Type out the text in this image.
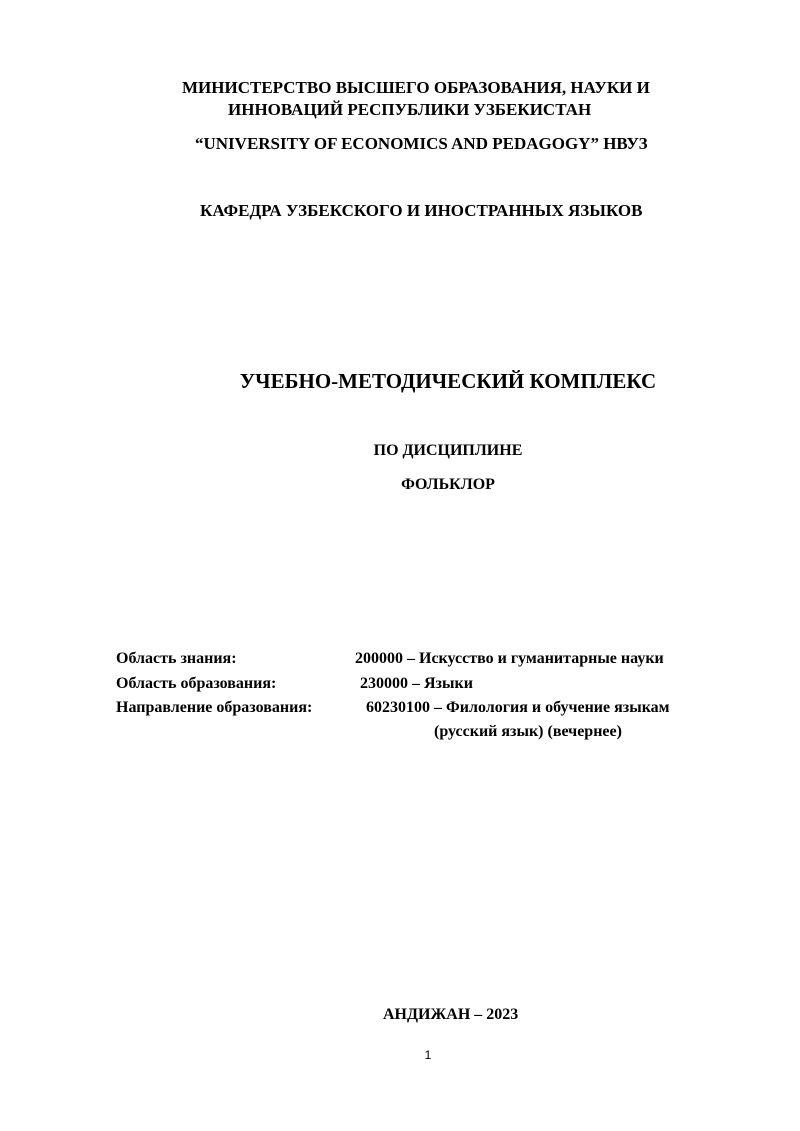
МИНИСТЕРСТВО ВЫСШЕГО ОБРАЗОВАНИЯ, НАУКИ И
ИННОВАЦИЙ РЕСПУБЛИКИ УЗБЕКИСТАН
“UNIVERSITY OF ECONOMICS AND PEDAGOGY” НВУЗ
КАФЕДРА УЗБЕКСКОГО И ИНОСТРАННЫХ ЯЗЫКОВ
УЧЕБНО-МЕТОДИЧЕСКИЙ КОМПЛЕКС
ПО ДИСЦИПЛИНЕ
ФОЛЬКЛОР
Область знания:	200000 – Искусство и гуманитарные науки
Область образования:	230000 – Языки
Направление образования:	60230100 – Филология и обучение языкам
(русский язык) (вечернее)
АНДИЖАН – 2023
1
